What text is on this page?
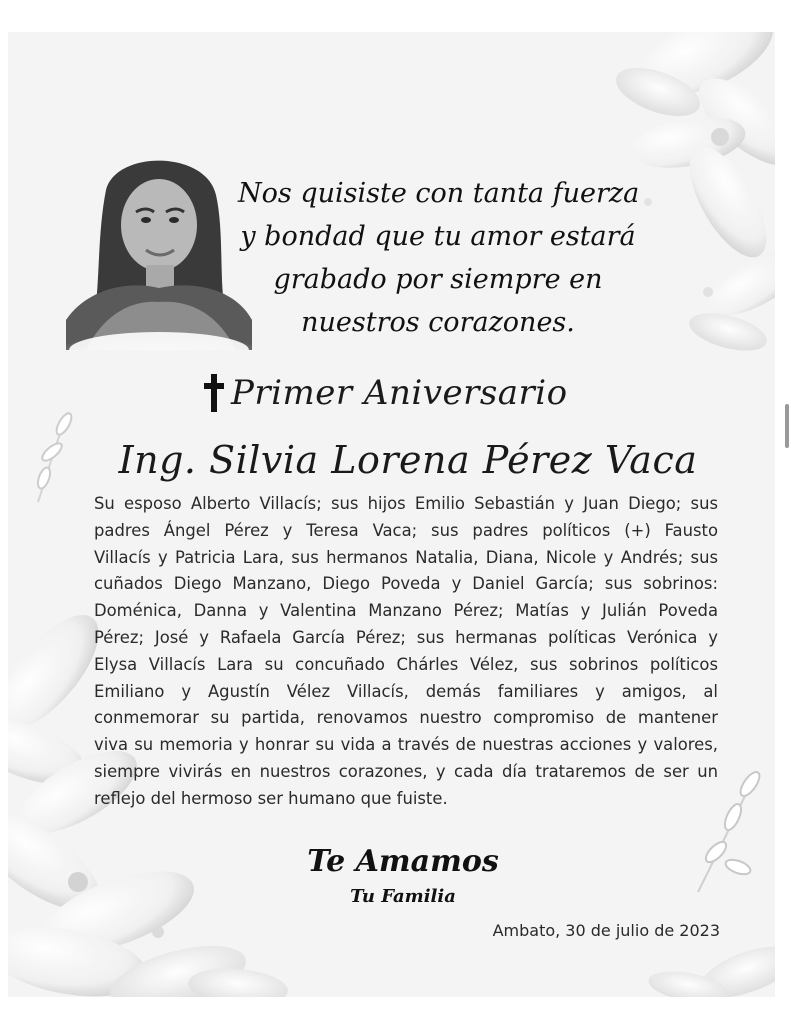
Nos quisiste con tanta fuerza
y bondad que tu amor estará
grabado por siempre en
nuestros corazones.
Primer Aniversario
Ing. Silvia Lorena Pérez Vaca
Su esposo Alberto Villacís; sus hijos Emilio Sebastián y Juan Diego; sus
padres Ángel Pérez y Teresa Vaca; sus padres políticos (+) Fausto
Villacís y Patricia Lara, sus hermanos Natalia, Diana, Nicole y Andrés; sus
cuñados Diego Manzano, Diego Poveda y Daniel García; sus sobrinos:
Doménica, Danna y Valentina Manzano Pérez; Matías y Julián Poveda
Pérez; José y Rafaela García Pérez; sus hermanas políticas Verónica y
Elysa Villacís Lara su concuñado Chárles Vélez, sus sobrinos políticos
Emiliano y Agustín Vélez Villacís, demás familiares y amigos, al
conmemorar su partida, renovamos nuestro compromiso de mantener
viva su memoria y honrar su vida a través de nuestras acciones y valores,
siempre vivirás en nuestros corazones, y cada día trataremos de ser un
reflejo del hermoso ser humano que fuiste.
Te Amamos
Tu Familia
Ambato, 30 de julio de 2023
